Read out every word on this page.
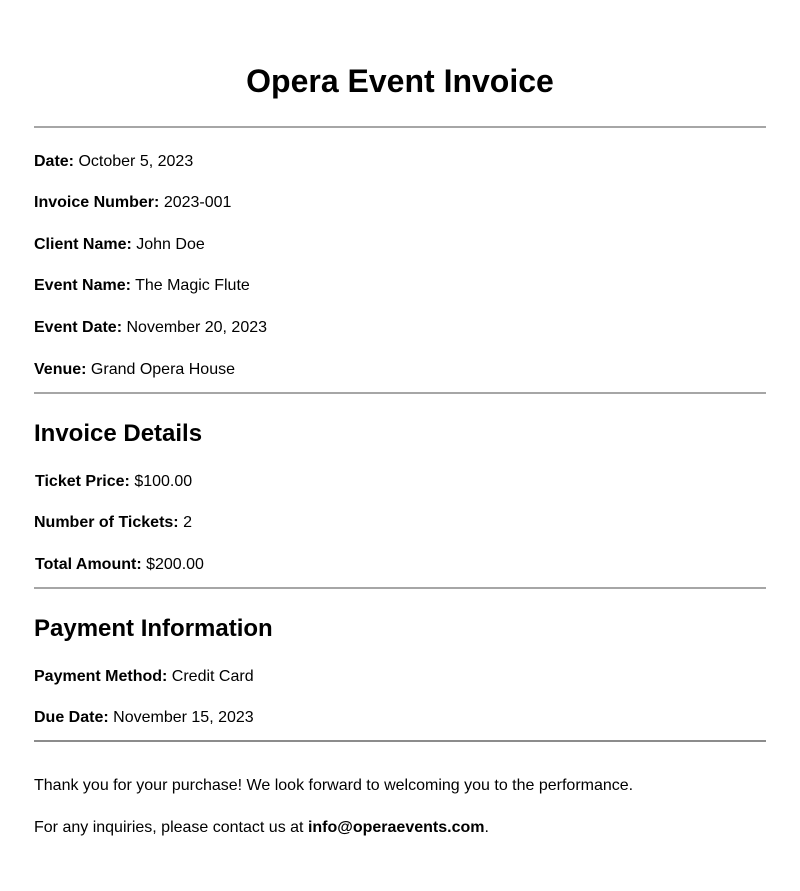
Opera Event Invoice

Date: October 5, 2023

Invoice Number: 2023-001

Client Name: John Doe

Event Name: The Magic Flute

Event Date: November 20, 2023

Venue: Grand Opera House

Invoice Details

Ticket Price: $100.00

Number of Tickets: 2

Total Amount: $200.00

Payment Information

Payment Method: Credit Card

Due Date: November 15, 2023

Thank you for your purchase! We look forward to welcoming you to the performance.

For any inquiries, please contact us at info@operaevents.com.
